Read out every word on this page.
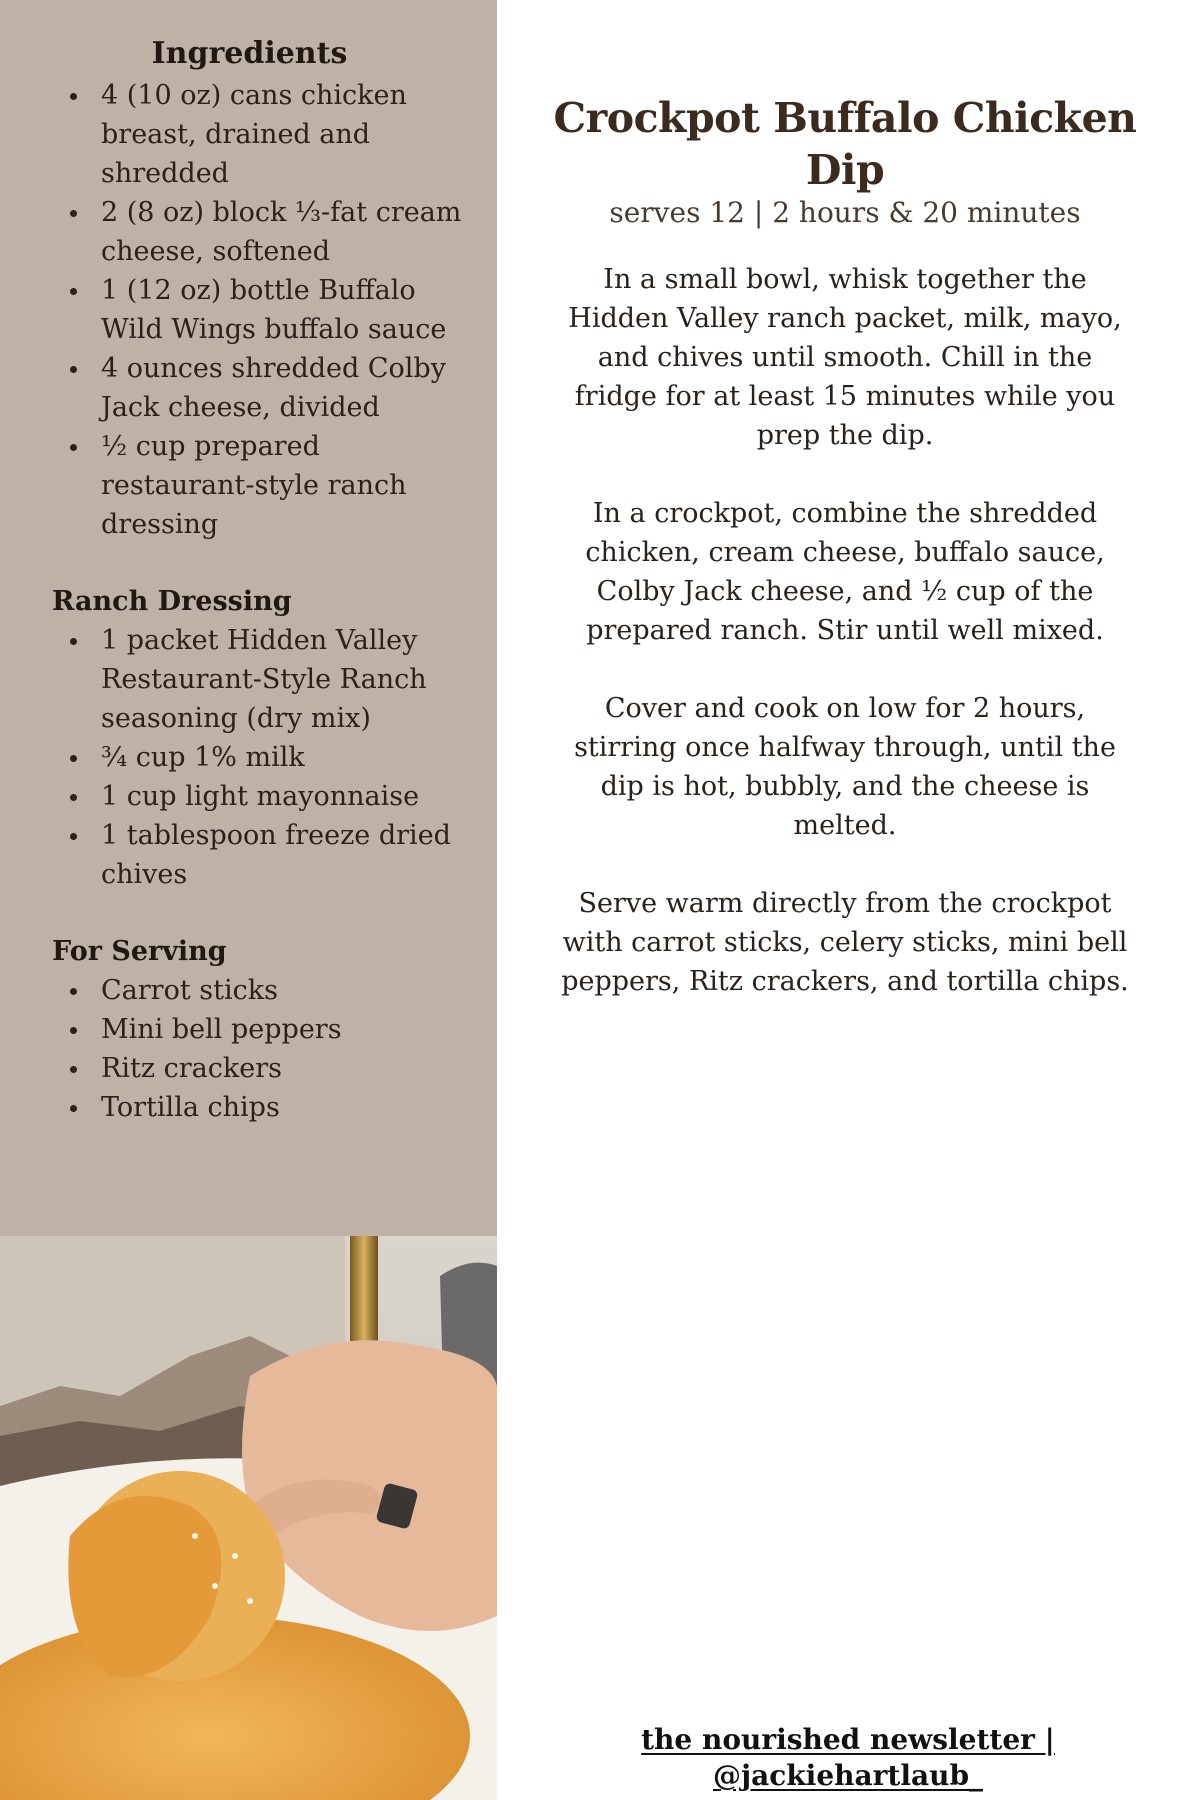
Ingredients
4 (10 oz) cans chicken breast, drained and shredded
2 (8 oz) block ⅓-fat cream cheese, softened
1 (12 oz) bottle Buffalo Wild Wings buffalo sauce
4 ounces shredded Colby Jack cheese, divided
½ cup prepared restaurant-style ranch dressing
Ranch Dressing
1 packet Hidden Valley Restaurant-Style Ranch seasoning (dry mix)
¾ cup 1% milk
1 cup light mayonnaise
1 tablespoon freeze dried chives
For Serving
Carrot sticks
Mini bell peppers
Ritz crackers
Tortilla chips
Crockpot Buffalo Chicken Dip

serves 12 | 2 hours & 20 minutes

In a small bowl, whisk together the Hidden Valley ranch packet, milk, mayo, and chives until smooth. Chill in the fridge for at least 15 minutes while you prep the dip.

In a crockpot, combine the shredded chicken, cream cheese, buffalo sauce, Colby Jack cheese, and ½ cup of the prepared ranch. Stir until well mixed.

Cover and cook on low for 2 hours, stirring once halfway through, until the dip is hot, bubbly, and the cheese is melted.

Serve warm directly from the crockpot with carrot sticks, celery sticks, mini bell peppers, Ritz crackers, and tortilla chips.

the nourished newsletter | @jackiehartlaub_
